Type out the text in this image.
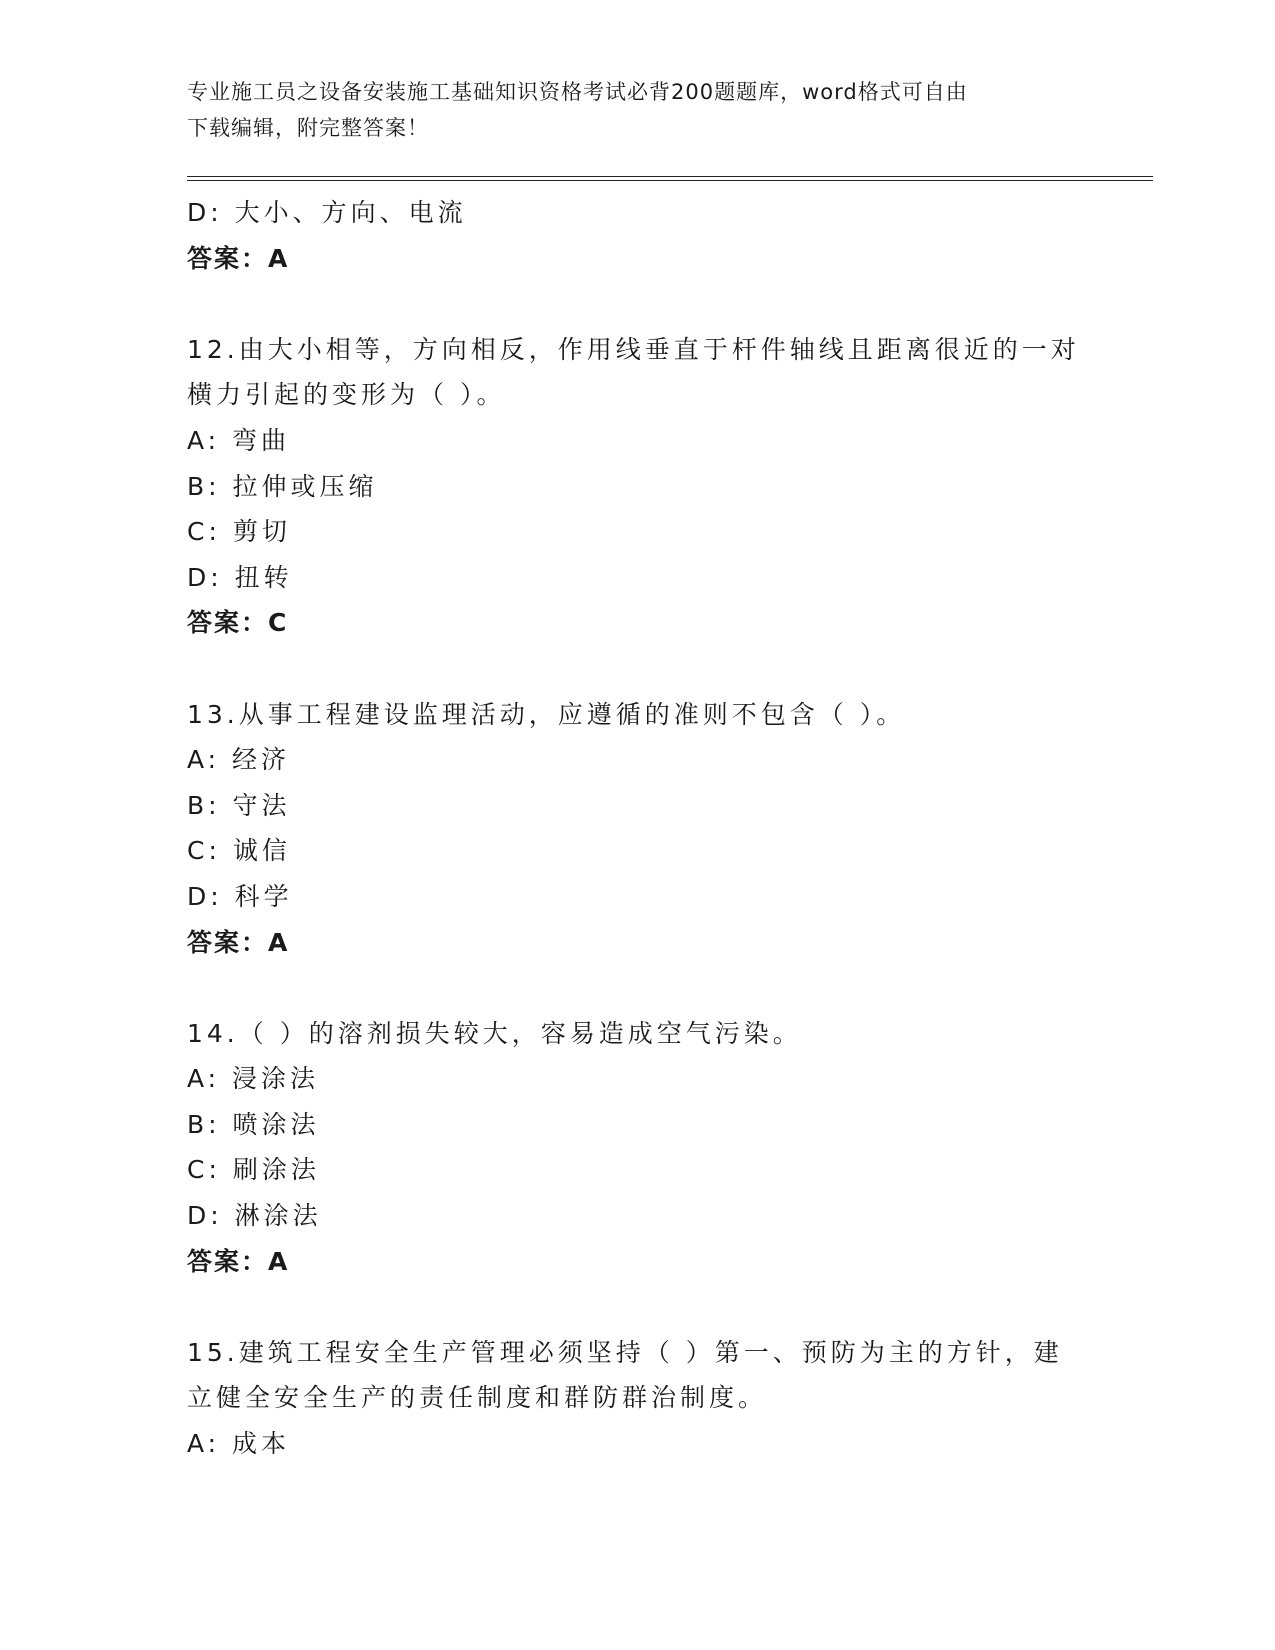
专业施工员之设备安装施工基础知识资格考试必背200题题库，word格式可自由
下载编辑，附完整答案！
D: 大小、方向、电流
答案：A
12.由大小相等，方向相反，作用线垂直于杆件轴线且距离很近的一对
横力引起的变形为（ ）。
A: 弯曲
B: 拉伸或压缩
C: 剪切
D: 扭转
答案：C
13.从事工程建设监理活动，应遵循的准则不包含（ ）。
A: 经济
B: 守法
C: 诚信
D: 科学
答案：A
14.（ ）的溶剂损失较大，容易造成空气污染。
A: 浸涂法
B: 喷涂法
C: 刷涂法
D: 淋涂法
答案：A
15.建筑工程安全生产管理必须坚持（ ）第一、预防为主的方针，建
立健全安全生产的责任制度和群防群治制度。
A: 成本
